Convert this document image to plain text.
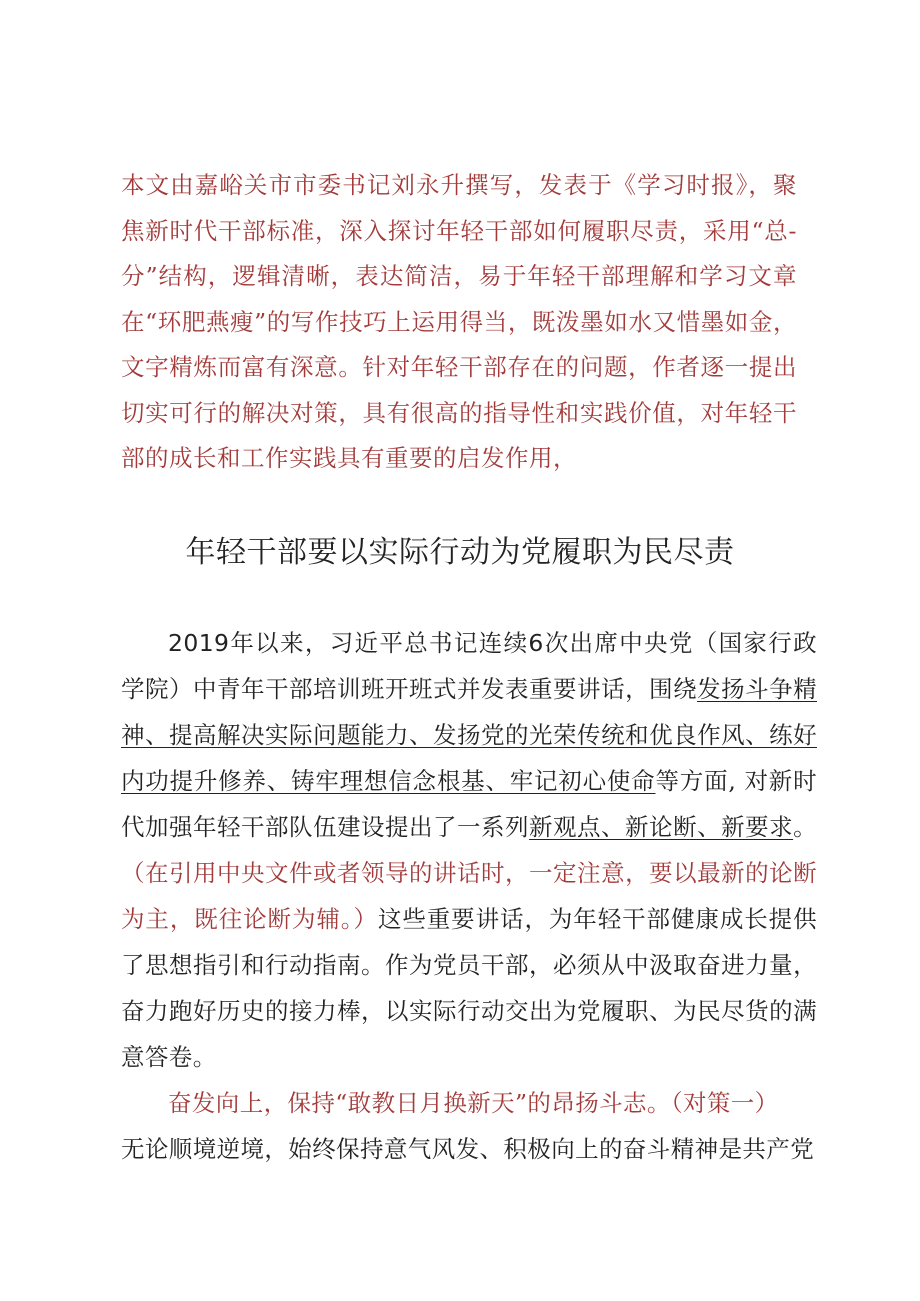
本文由嘉峪关市市委书记刘永升撰写，发表于《学习时报》，聚焦新时代干部标准，深入探讨年轻干部如何履职尽责，采用“总-分”结构，逻辑清晰，表达简洁，易于年轻干部理解和学习文章在“环肥燕瘦”的写作技巧上运用得当，既泼墨如水又惜墨如金，文字精炼而富有深意。针对年轻干部存在的问题，作者逐一提出切实可行的解决对策，具有很高的指导性和实践价值，对年轻干部的成长和工作实践具有重要的启发作用，
年轻干部要以实际行动为党履职为民尽责

2019年以来，习近平总书记连续6次出席中央党（国家行政学院）中青年干部培训班开班式并发表重要讲话，围绕发扬斗争精神、提高解决实际问题能力、发扬党的光荣传统和优良作风、练好内功提升修养、铸牢理想信念根基、牢记初心使命等方面, 对新时代加强年轻干部队伍建设提出了一系列新观点、新论断、新要求。（在引用中央文件或者领导的讲话时，一定注意，要以最新的论断为主，既往论断为辅。）这些重要讲话，为年轻干部健康成长提供了思想指引和行动指南。作为党员干部，必须从中汲取奋进力量，奋力跑好历史的接力棒，以实际行动交出为党履职、为民尽货的满意答卷。

奋发向上，保持“敢教日月换新天”的昂扬斗志。（对策一）
无论顺境逆境，始终保持意气风发、积极向上的奋斗精神是共产党
